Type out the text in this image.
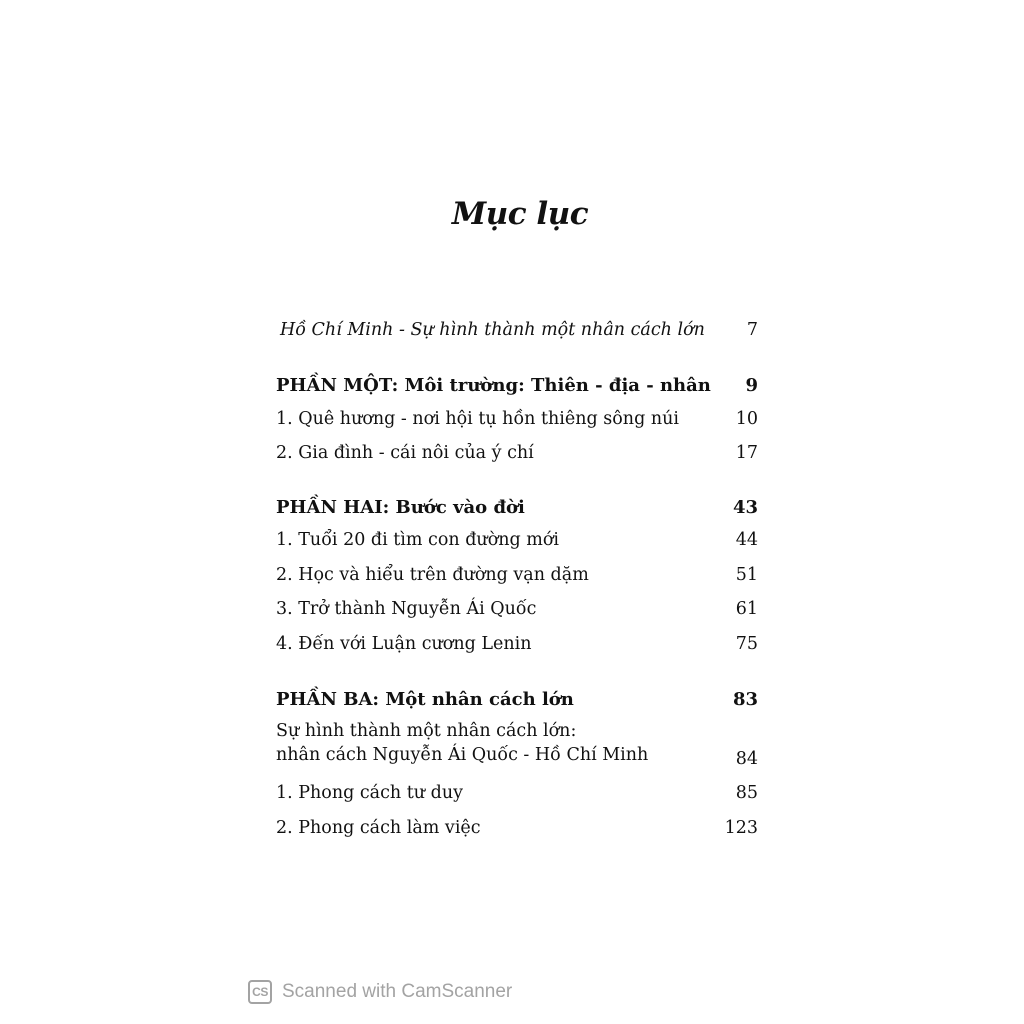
Mục lục
Hồ Chí Minh - Sự hình thành một nhân cách lớn 7
PHẦN MỘT: Môi trường: Thiên - địa - nhân 9
1. Quê hương - nơi hội tụ hồn thiêng sông núi	10
2. Gia đình - cái nôi của ý chí	17
PHẦN HAI: Bước vào đời	43
1. Tuổi 20 đi tìm con đường mới	44
2. Học và hiểu trên đường vạn dặm	51
3. Trở thành Nguyễn Ái Quốc	61
4. Đến với Luận cương Lenin	75
PHẦN BA: Một nhân cách lớn	83
Sự hình thành một nhân cách lớn:
nhân cách Nguyễn Ái Quốc - Hồ Chí Minh	84
1. Phong cách tư duy	85
2. Phong cách làm việc	123
CS Scanned with CamScanner
